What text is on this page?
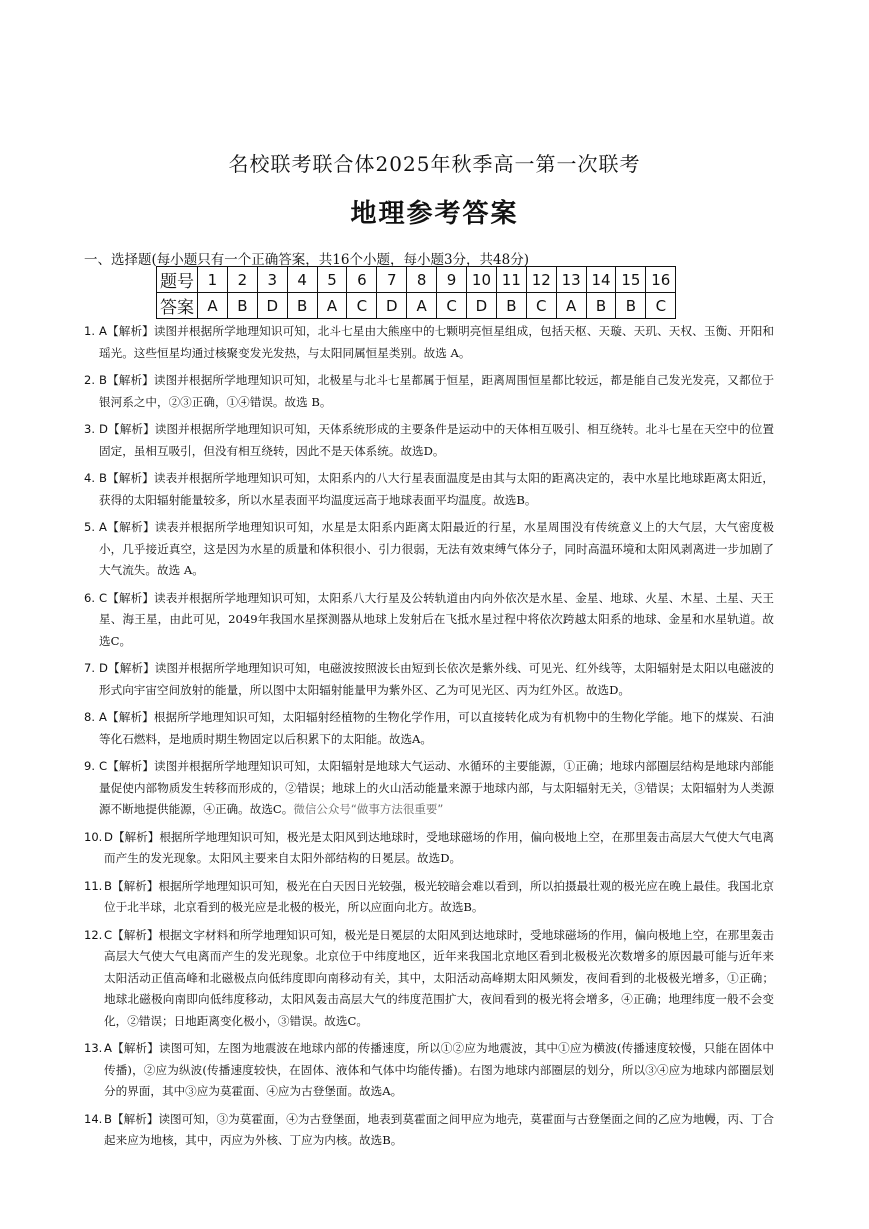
名校联考联合体2025年秋季高一第一次联考
地理参考答案
一、选择题(每小题只有一个正确答案，共16个小题，每小题3分，共48分)
题号	1	2	3	4	5	6	7	8	9	10	11	12	13	14	15	16
答案	A	B	D	B	A	C	D	A	C	D	B	C	A	B	B	C
1. A【解析】读图并根据所学地理知识可知，北斗七星由大熊座中的七颗明亮恒星组成，包括天枢、天璇、天玑、天权、玉衡、开阳和瑶光。这些恒星均通过核聚变发光发热，与太阳同属恒星类别。故选 A。
2. B【解析】读图并根据所学地理知识可知，北极星与北斗七星都属于恒星，距离周围恒星都比较远，都是能自己发光发亮，又都位于银河系之中，②③正确，①④错误。故选 B。
3. D【解析】读图并根据所学地理知识可知，天体系统形成的主要条件是运动中的天体相互吸引、相互绕转。北斗七星在天空中的位置固定，虽相互吸引，但没有相互绕转，因此不是天体系统。故选D。
4. B【解析】读表并根据所学地理知识可知，太阳系内的八大行星表面温度是由其与太阳的距离决定的，表中水星比地球距离太阳近，获得的太阳辐射能量较多，所以水星表面平均温度远高于地球表面平均温度。故选B。
5. A【解析】读表并根据所学地理知识可知，水星是太阳系内距离太阳最近的行星，水星周围没有传统意义上的大气层，大气密度极小，几乎接近真空，这是因为水星的质量和体积很小、引力很弱，无法有效束缚气体分子，同时高温环境和太阳风剥离进一步加剧了大气流失。故选 A。
6. C【解析】读表并根据所学地理知识可知，太阳系八大行星及公转轨道由内向外依次是水星、金星、地球、火星、木星、土星、天王星、海王星，由此可见，2049年我国水星探测器从地球上发射后在飞抵水星过程中将依次跨越太阳系的地球、金星和水星轨道。故选C。
7. D【解析】读图并根据所学地理知识可知，电磁波按照波长由短到长依次是紫外线、可见光、红外线等，太阳辐射是太阳以电磁波的形式向宇宙空间放射的能量，所以图中太阳辐射能量甲为紫外区、乙为可见光区、丙为红外区。故选D。
8. A【解析】根据所学地理知识可知，太阳辐射经植物的生物化学作用，可以直接转化成为有机物中的生物化学能。地下的煤炭、石油等化石燃料，是地质时期生物固定以后积累下的太阳能。故选A。
9. C【解析】读图并根据所学地理知识可知，太阳辐射是地球大气运动、水循环的主要能源，①正确；地球内部圈层结构是地球内部能量促使内部物质发生转移而形成的，②错误；地球上的火山活动能量来源于地球内部，与太阳辐射无关，③错误；太阳辐射为人类源源不断地提供能源，④正确。故选C。微信公众号“做事方法很重要”
10. D【解析】根据所学地理知识可知，极光是太阳风到达地球时，受地球磁场的作用，偏向极地上空，在那里轰击高层大气使大气电离而产生的发光现象。太阳风主要来自太阳外部结构的日冕层。故选D。
11. B【解析】根据所学地理知识可知，极光在白天因日光较强，极光较暗会难以看到，所以拍摄最壮观的极光应在晚上最佳。我国北京位于北半球，北京看到的极光应是北极的极光，所以应面向北方。故选B。
12. C【解析】根据文字材料和所学地理知识可知，极光是日冕层的太阳风到达地球时，受地球磁场的作用，偏向极地上空，在那里轰击高层大气使大气电离而产生的发光现象。北京位于中纬度地区，近年来我国北京地区看到北极极光次数增多的原因最可能与近年来太阳活动正值高峰和北磁极点向低纬度即向南移动有关，其中，太阳活动高峰期太阳风频发，夜间看到的北极极光增多，①正确；地球北磁极向南即向低纬度移动，太阳风轰击高层大气的纬度范围扩大，夜间看到的极光将会增多，④正确；地理纬度一般不会变化，②错误；日地距离变化极小，③错误。故选C。
13. A【解析】读图可知，左图为地震波在地球内部的传播速度，所以①②应为地震波，其中①应为横波(传播速度较慢，只能在固体中传播)，②应为纵波(传播速度较快，在固体、液体和气体中均能传播)。右图为地球内部圈层的划分，所以③④应为地球内部圈层划分的界面，其中③应为莫霍面、④应为古登堡面。故选A。
14. B【解析】读图可知，③为莫霍面，④为古登堡面，地表到莫霍面之间甲应为地壳，莫霍面与古登堡面之间的乙应为地幔，丙、丁合起来应为地核，其中，丙应为外核、丁应为内核。故选B。
